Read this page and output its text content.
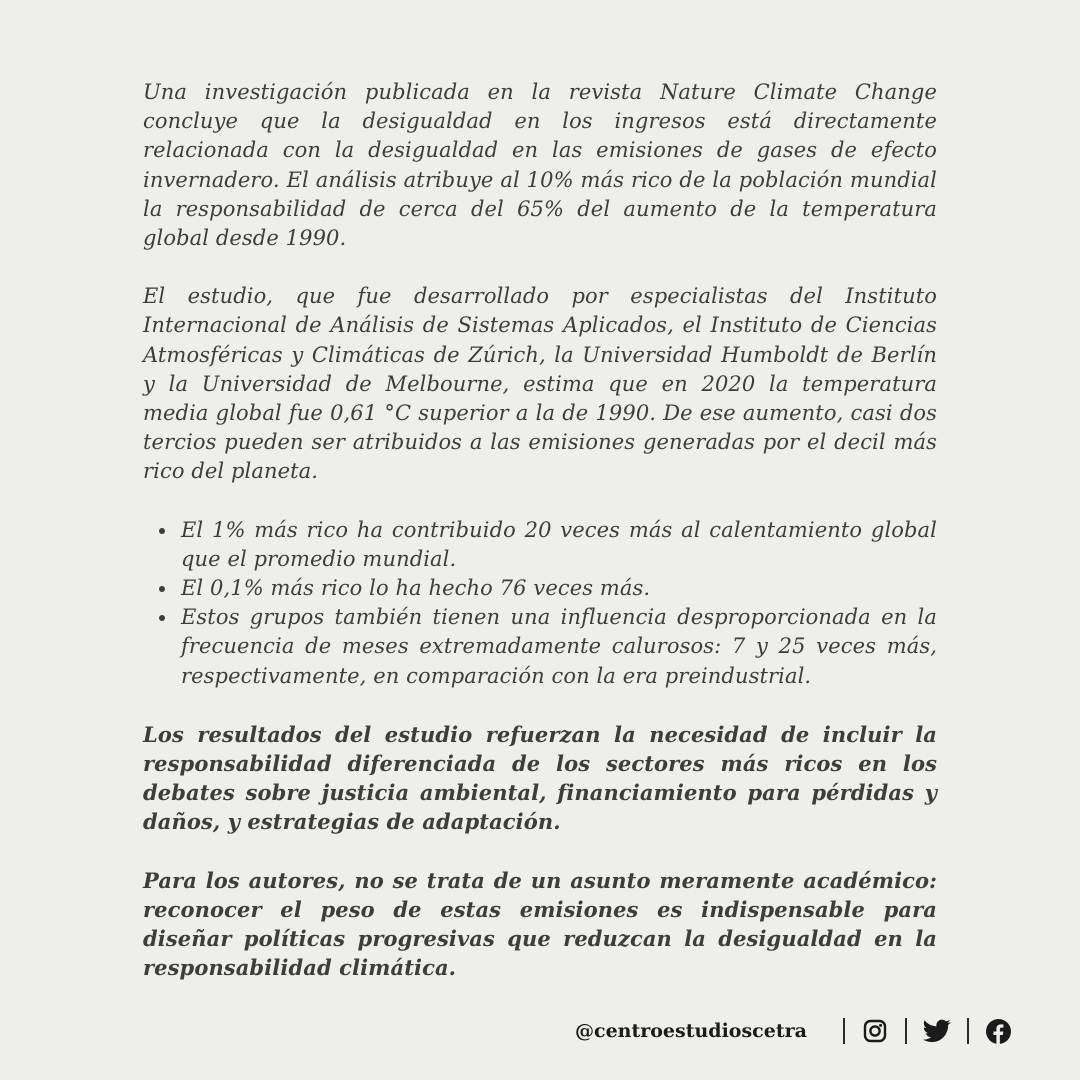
Una investigación publicada en la revista Nature Climate Change concluye que la desigualdad en los ingresos está directamente relacionada con la desigualdad en las emisiones de gases de efecto invernadero. El análisis atribuye al 10% más rico de la población mundial la responsabilidad de cerca del 65% del aumento de la temperatura global desde 1990.

El estudio, que fue desarrollado por especialistas del Instituto Internacional de Análisis de Sistemas Aplicados, el Instituto de Ciencias Atmosféricas y Climáticas de Zúrich, la Universidad Humboldt de Berlín y la Universidad de Melbourne, estima que en 2020 la temperatura media global fue 0,61 °C superior a la de 1990. De ese aumento, casi dos tercios pueden ser atribuidos a las emisiones generadas por el decil más rico del planeta.

El 1% más rico ha contribuido 20 veces más al calentamiento global que el promedio mundial.
El 0,1% más rico lo ha hecho 76 veces más.
Estos grupos también tienen una influencia desproporcionada en la frecuencia de meses extremadamente calurosos: 7 y 25 veces más, respectivamente, en comparación con la era preindustrial.

Los resultados del estudio refuerzan la necesidad de incluir la responsabilidad diferenciada de los sectores más ricos en los debates sobre justicia ambiental, financiamiento para pérdidas y daños, y estrategias de adaptación.

Para los autores, no se trata de un asunto meramente académico: reconocer el peso de estas emisiones es indispensable para diseñar políticas progresivas que reduzcan la desigualdad en la responsabilidad climática.

@centroestudioscetra
